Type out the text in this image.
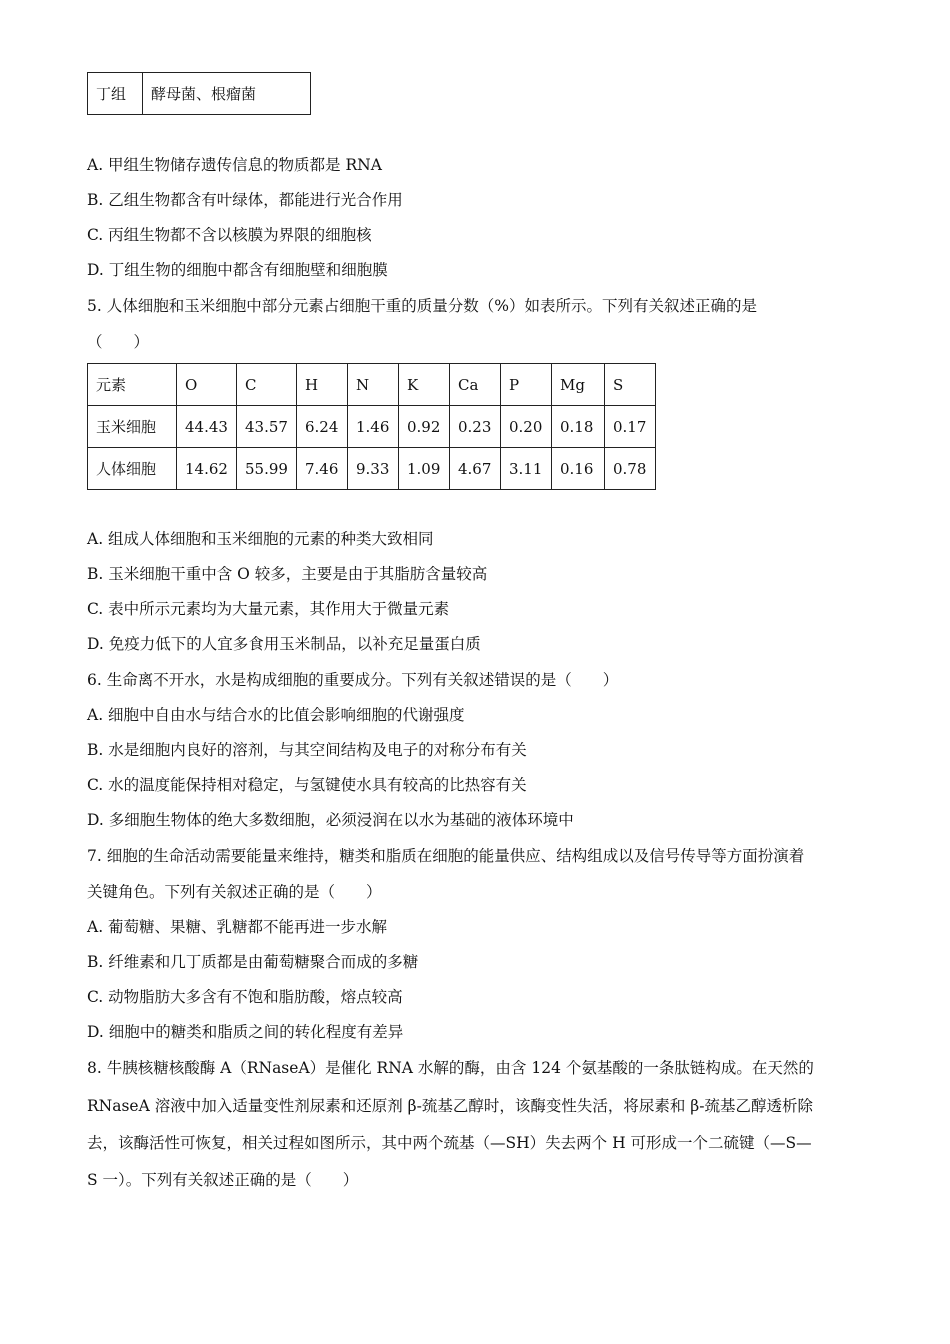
丁组	酵母菌、根瘤菌
A. 甲组生物储存遗传信息的物质都是 RNA
B. 乙组生物都含有叶绿体，都能进行光合作用
C. 丙组生物都不含以核膜为界限的细胞核
D. 丁组生物的细胞中都含有细胞壁和细胞膜
5. 人体细胞和玉米细胞中部分元素占细胞干重的质量分数（%）如表所示。下列有关叙述正确的是
（　　）
元素	O	C	H	N	K	Ca	P	Mg	S
玉米细胞	44.43	43.57	6.24	1.46	0.92	0.23	0.20	0.18	0.17
人体细胞	14.62	55.99	7.46	9.33	1.09	4.67	3.11	0.16	0.78
A. 组成人体细胞和玉米细胞的元素的种类大致相同
B. 玉米细胞干重中含 O 较多，主要是由于其脂肪含量较高
C. 表中所示元素均为大量元素，其作用大于微量元素
D. 免疫力低下的人宜多食用玉米制品，以补充足量蛋白质
6. 生命离不开水，水是构成细胞的重要成分。下列有关叙述错误的是（　　）
A. 细胞中自由水与结合水的比值会影响细胞的代谢强度
B. 水是细胞内良好的溶剂，与其空间结构及电子的对称分布有关
C. 水的温度能保持相对稳定，与氢键使水具有较高的比热容有关
D. 多细胞生物体的绝大多数细胞，必须浸润在以水为基础的液体环境中
7. 细胞的生命活动需要能量来维持，糖类和脂质在细胞的能量供应、结构组成以及信号传导等方面扮演着
关键角色。下列有关叙述正确的是（　　）
A. 葡萄糖、果糖、乳糖都不能再进一步水解
B. 纤维素和几丁质都是由葡萄糖聚合而成的多糖
C. 动物脂肪大多含有不饱和脂肪酸，熔点较高
D. 细胞中的糖类和脂质之间的转化程度有差异
8. 牛胰核糖核酸酶 A（RNaseA）是催化 RNA 水解的酶，由含 124 个氨基酸的一条肽链构成。在天然的
RNaseA 溶液中加入适量变性剂尿素和还原剂 β-巯基乙醇时，该酶变性失活，将尿素和 β-巯基乙醇透析除
去，该酶活性可恢复，相关过程如图所示，其中两个巯基（—SH）失去两个 H 可形成一个二硫键（—S—
S 一）。下列有关叙述正确的是（　　）
